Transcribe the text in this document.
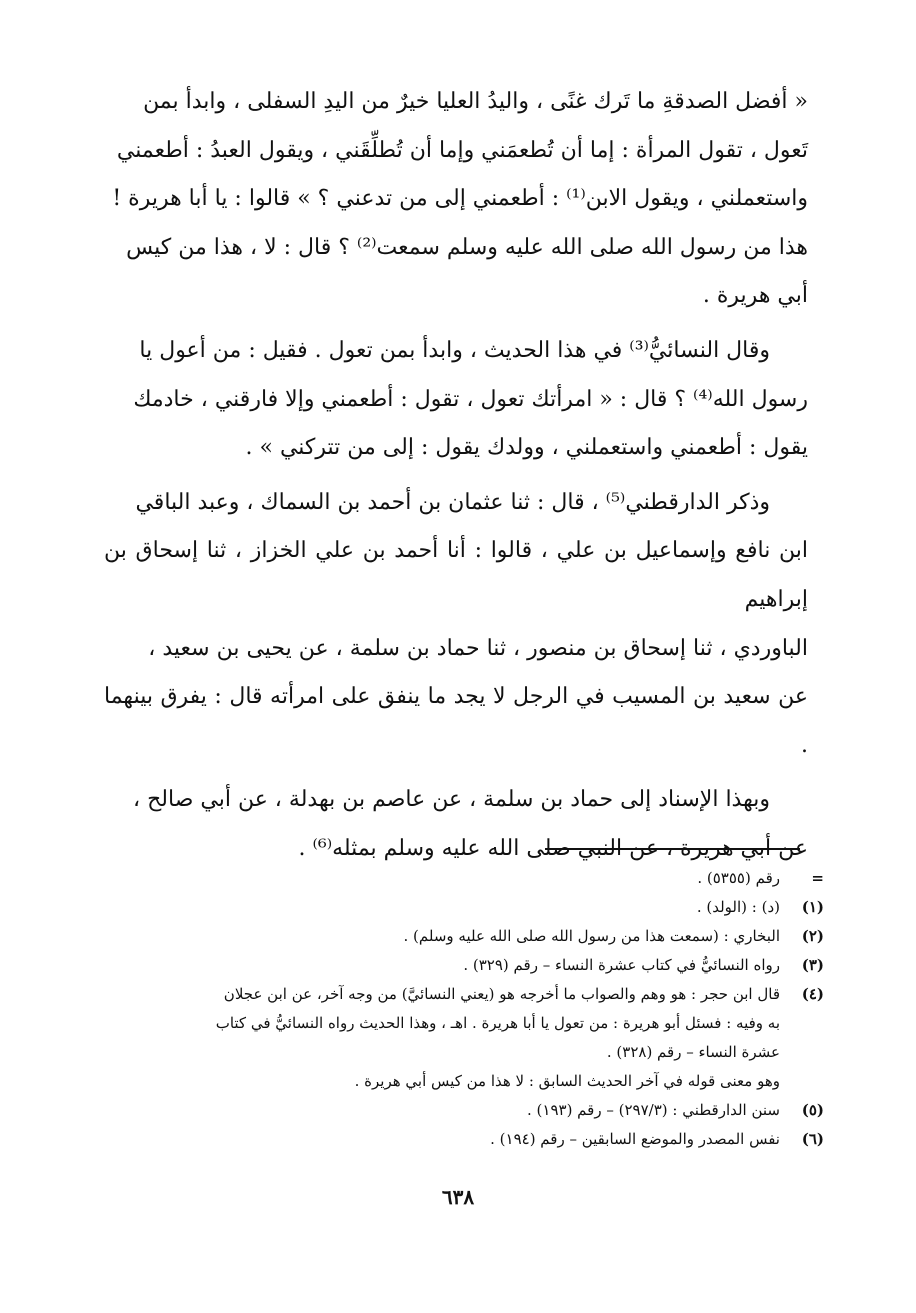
« أفضل الصدقةِ ما تَرك غنًى ، واليدُ العليا خيرٌ من اليدِ السفلى ، وابدأ بمن
تَعول ، تقول المرأة : إما أن تُطعمَني وإما أن تُطلِّقَني ، ويقول العبدُ : أطعمني
واستعملني ، ويقول الابن⁽¹⁾ : أطعمني إلى من تدعني ؟ » قالوا : يا أبا هريرة !
هذا من رسول الله صلى الله عليه وسلم سمعت⁽²⁾ ؟ قال : لا ، هذا من كيس
أبي هريرة .
وقال النسائيُّ⁽³⁾ في هذا الحديث ، وابدأ بمن تعول . فقيل : من أعول يا
رسول الله⁽⁴⁾ ؟ قال : « امرأتك تعول ، تقول : أطعمني وإلا فارقني ، خادمك
يقول : أطعمني واستعملني ، وولدك يقول : إلى من تتركني » .
وذكر الدارقطني⁽⁵⁾ ، قال : ثنا عثمان بن أحمد بن السماك ، وعبد الباقي
ابن نافع وإسماعيل بن علي ، قالوا : أنا أحمد بن علي الخزاز ، ثنا إسحاق بن إبراهيم
الباوردي ، ثنا إسحاق بن منصور ، ثنا حماد بن سلمة ، عن يحيى بن سعيد ،
عن سعيد بن المسيب في الرجل لا يجد ما ينفق على امرأته قال : يفرق بينهما .
وبهذا الإسناد إلى حماد بن سلمة ، عن عاصم بن بهدلة ، عن أبي صالح ،
عن أبي هريرة ، عن النبي صلى الله عليه وسلم بمثله⁽⁶⁾ .
=
رقم (٥٣٥٥) .
(١)
(د) : (الولد) .
(٢)
البخاري : (سمعت هذا من رسول الله صلى الله عليه وسلم) .
(٣)
رواه النسائيُّ في كتاب عشرة النساء – رقم (٣٢٩) .
(٤)
قال ابن حجر : هو وهم والصواب ما أخرجه هو (يعني النسائيَّ) من وجه آخر، عن ابن عجلان
به وفيه : فسئل أبو هريرة : من تعول يا أبا هريرة . اهـ ، وهذا الحديث رواه النسائيُّ في كتاب
عشرة النساء – رقم (٣٢٨) .
وهو معنى قوله في آخر الحديث السابق : لا هذا من كيس أبي هريرة .
(٥)
سنن الدارقطني : (٢٩٧/٣) – رقم (١٩٣) .
(٦)
نفس المصدر والموضع السابقين – رقم (١٩٤) .
٦٣٨
